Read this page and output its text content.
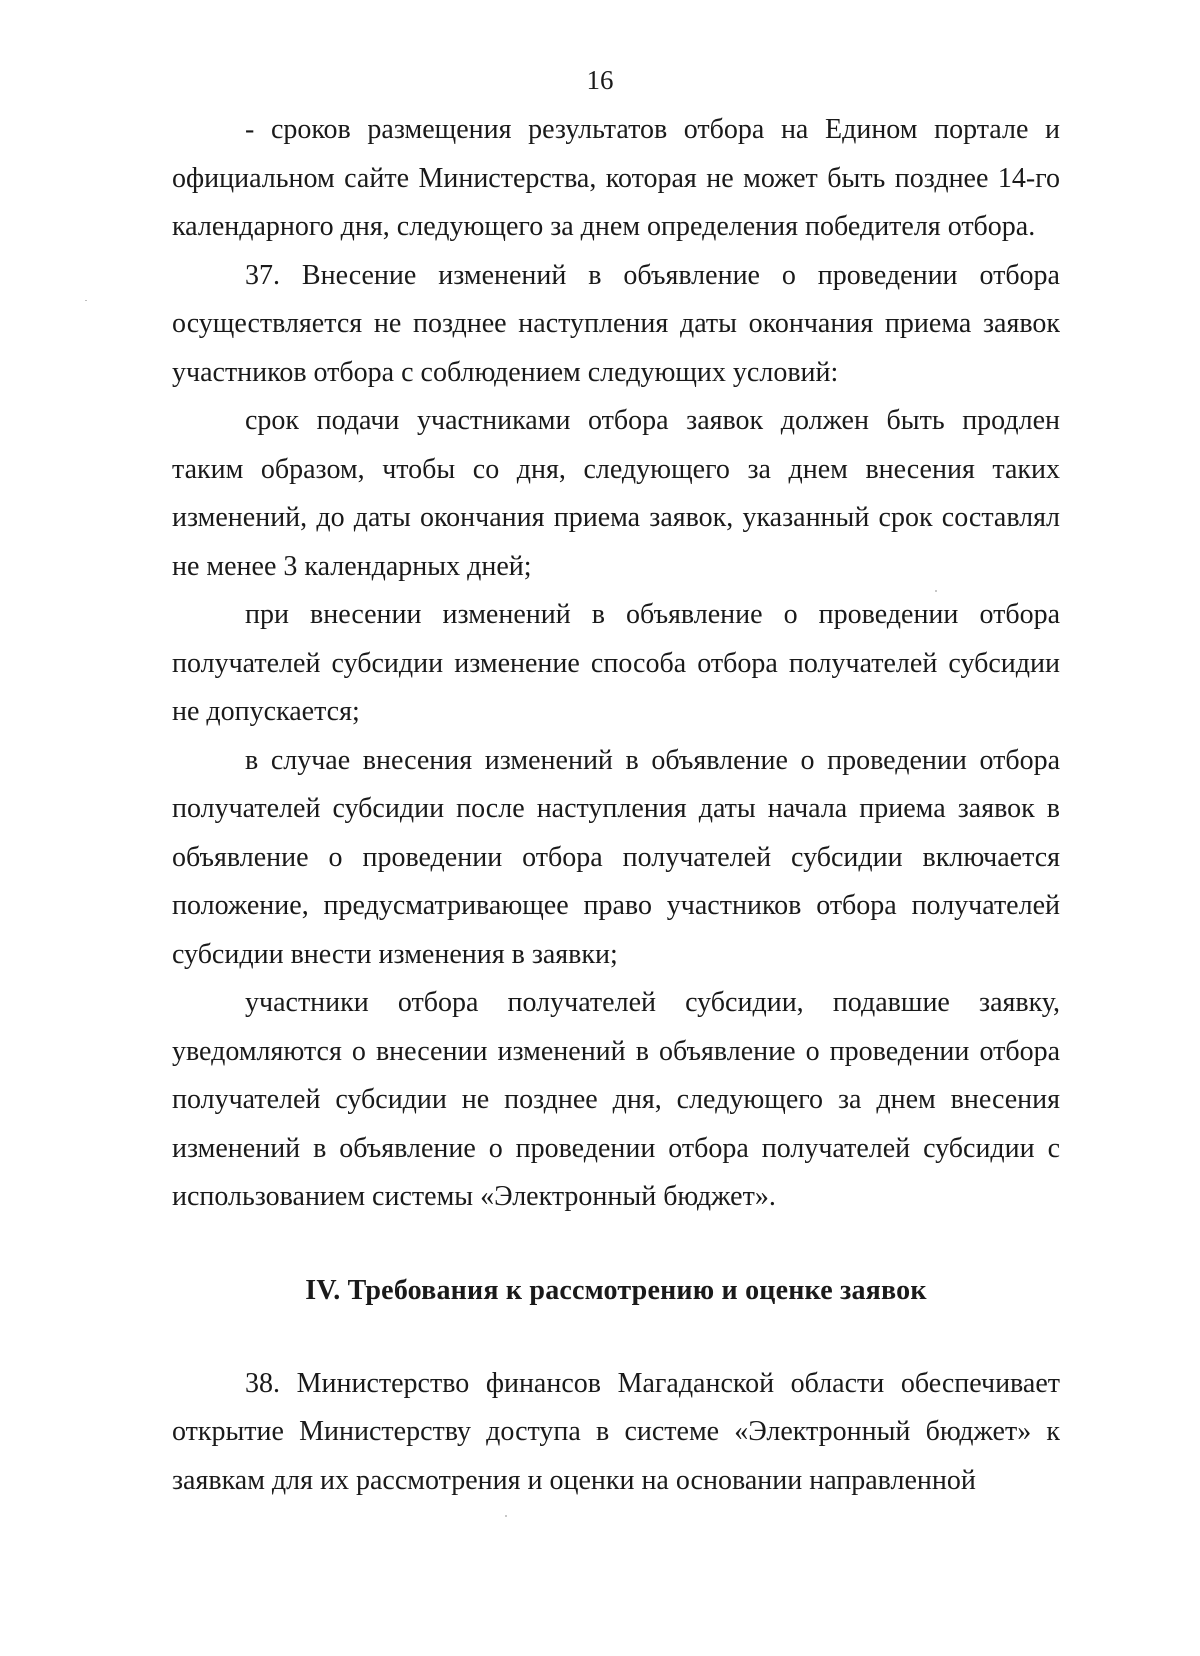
16

- сроков размещения результатов отбора на Едином портале и официальном сайте Министерства, которая не может быть позднее 14-го календарного дня, следующего за днем определения победителя отбора.

37. Внесение изменений в объявление о проведении отбора осуществляется не позднее наступления даты окончания приема заявок участников отбора с соблюдением следующих условий:

срок подачи участниками отбора заявок должен быть продлен таким образом, чтобы со дня, следующего за днем внесения таких изменений, до даты окончания приема заявок, указанный срок составлял не менее 3 календарных дней;

при внесении изменений в объявление о проведении отбора получателей субсидии изменение способа отбора получателей субсидии не допускается;

в случае внесения изменений в объявление о проведении отбора получателей субсидии после наступления даты начала приема заявок в объявление о проведении отбора получателей субсидии включается положение, предусматривающее право участников отбора получателей субсидии внести изменения в заявки;

участники отбора получателей субсидии, подавшие заявку, уведомляются о внесении изменений в объявление о проведении отбора получателей субсидии не позднее дня, следующего за днем внесения изменений в объявление о проведении отбора получателей субсидии с использованием системы «Электронный бюджет».

IV. Требования к рассмотрению и оценке заявок

38. Министерство финансов Магаданской области обеспечивает открытие Министерству доступа в системе «Электронный бюджет» к заявкам для их рассмотрения и оценки на основании направленной
